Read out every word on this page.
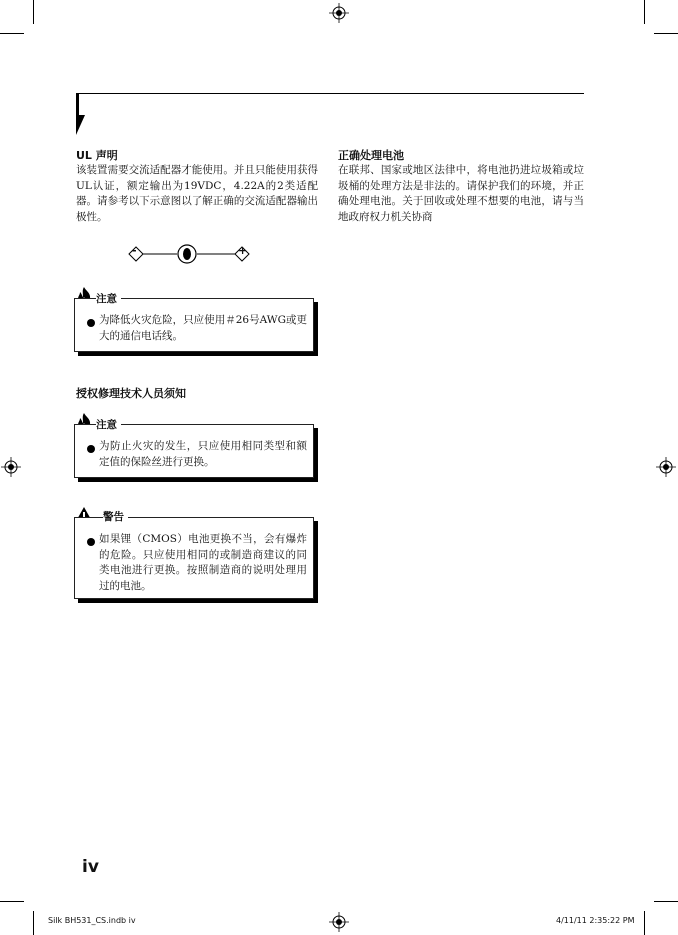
UL 声明
该装置需要交流适配器才能使用。并且只能使用获得UL认证，额定输出为19VDC，4.22A的2类适配器。请参考以下示意图以了解正确的交流适配器输出极性。
-	+
注意
为降低火灾危险，只应使用＃26号AWG或更大的通信电话线。
授权修理技术人员须知
注意
为防止火灾的发生，只应使用相同类型和额定值的保险丝进行更换。
警告
如果锂（CMOS）电池更换不当，会有爆炸的危险。只应使用相同的或制造商建议的同类电池进行更换。按照制造商的说明处理用过的电池。
正确处理电池
在联邦、国家或地区法律中，将电池扔进垃圾箱或垃圾桶的处理方法是非法的。请保护我们的环境，并正确处理电池。关于回收或处理不想要的电池，请与当地政府权力机关协商
iv
Silk BH531_CS.indb iv	4/11/11 2:35:22 PM
